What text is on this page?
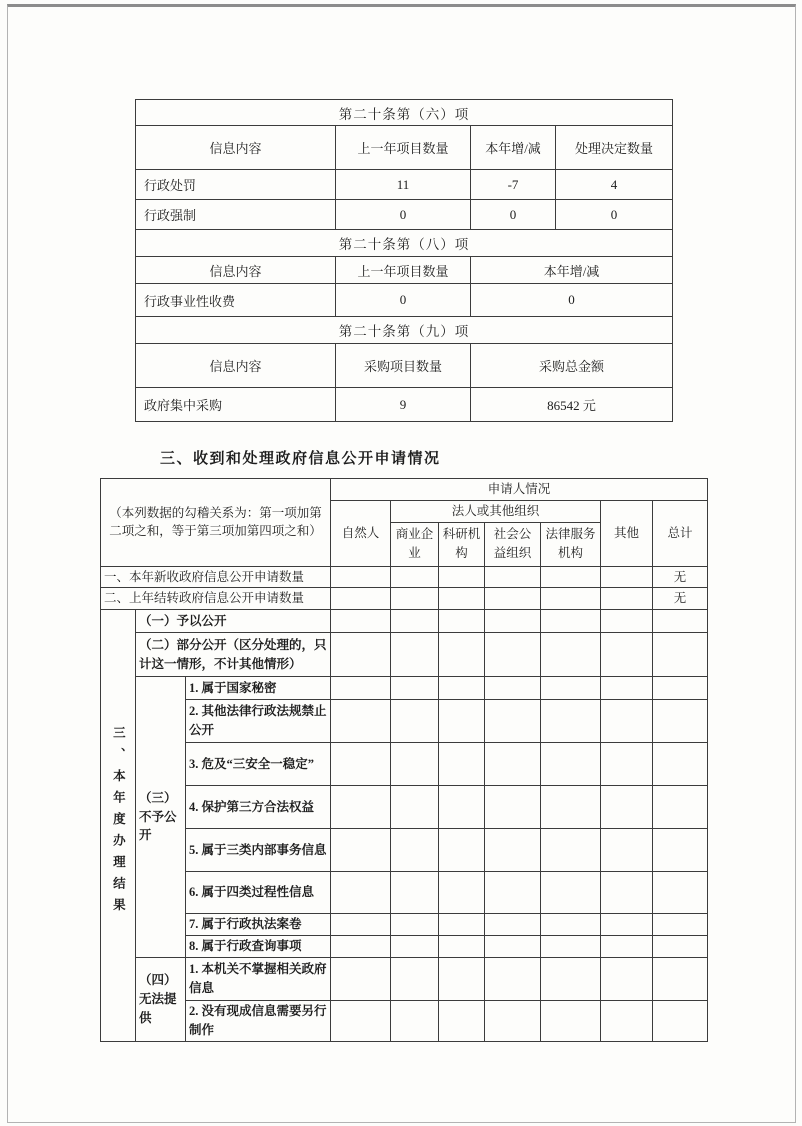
第二十条第（六）项			
信息内容	上一年项目数量	本年增/减	处理决定数量
行政处罚	11	-7	4
行政强制	0	0	0
第二十条第（八）项		
信息内容	上一年项目数量	本年增/减
行政事业性收费	0	0
第二十条第（九）项		
信息内容	采购项目数量	采购总金额
政府集中采购	9	86542 元
三、收到和处理政府信息公开申请情况
（本列数据的勾稽关系为：第一项加第二项之和，等于第三项加第四项之和）			申请人情况						
			自然人	法人或其他组织				其他	总计
				商业企业	科研机构	社会公益组织	法律服务机构		
一、本年新收政府信息公开申请数量									无
二、上年结转政府信息公开申请数量									无
三、本年度办理结果	（一）予以公开								
	（二）部分公开（区分处理的，只计这一情形，不计其他情形）								
	（三）不予公开	1. 属于国家秘密							
		2. 其他法律行政法规禁止公开							
		3. 危及“三安全一稳定”							
		4. 保护第三方合法权益							
		5. 属于三类内部事务信息							
		6. 属于四类过程性信息							
		7. 属于行政执法案卷							
		8. 属于行政查询事项							
	（四）无法提供	1. 本机关不掌握相关政府信息							
		2. 没有现成信息需要另行制作							
